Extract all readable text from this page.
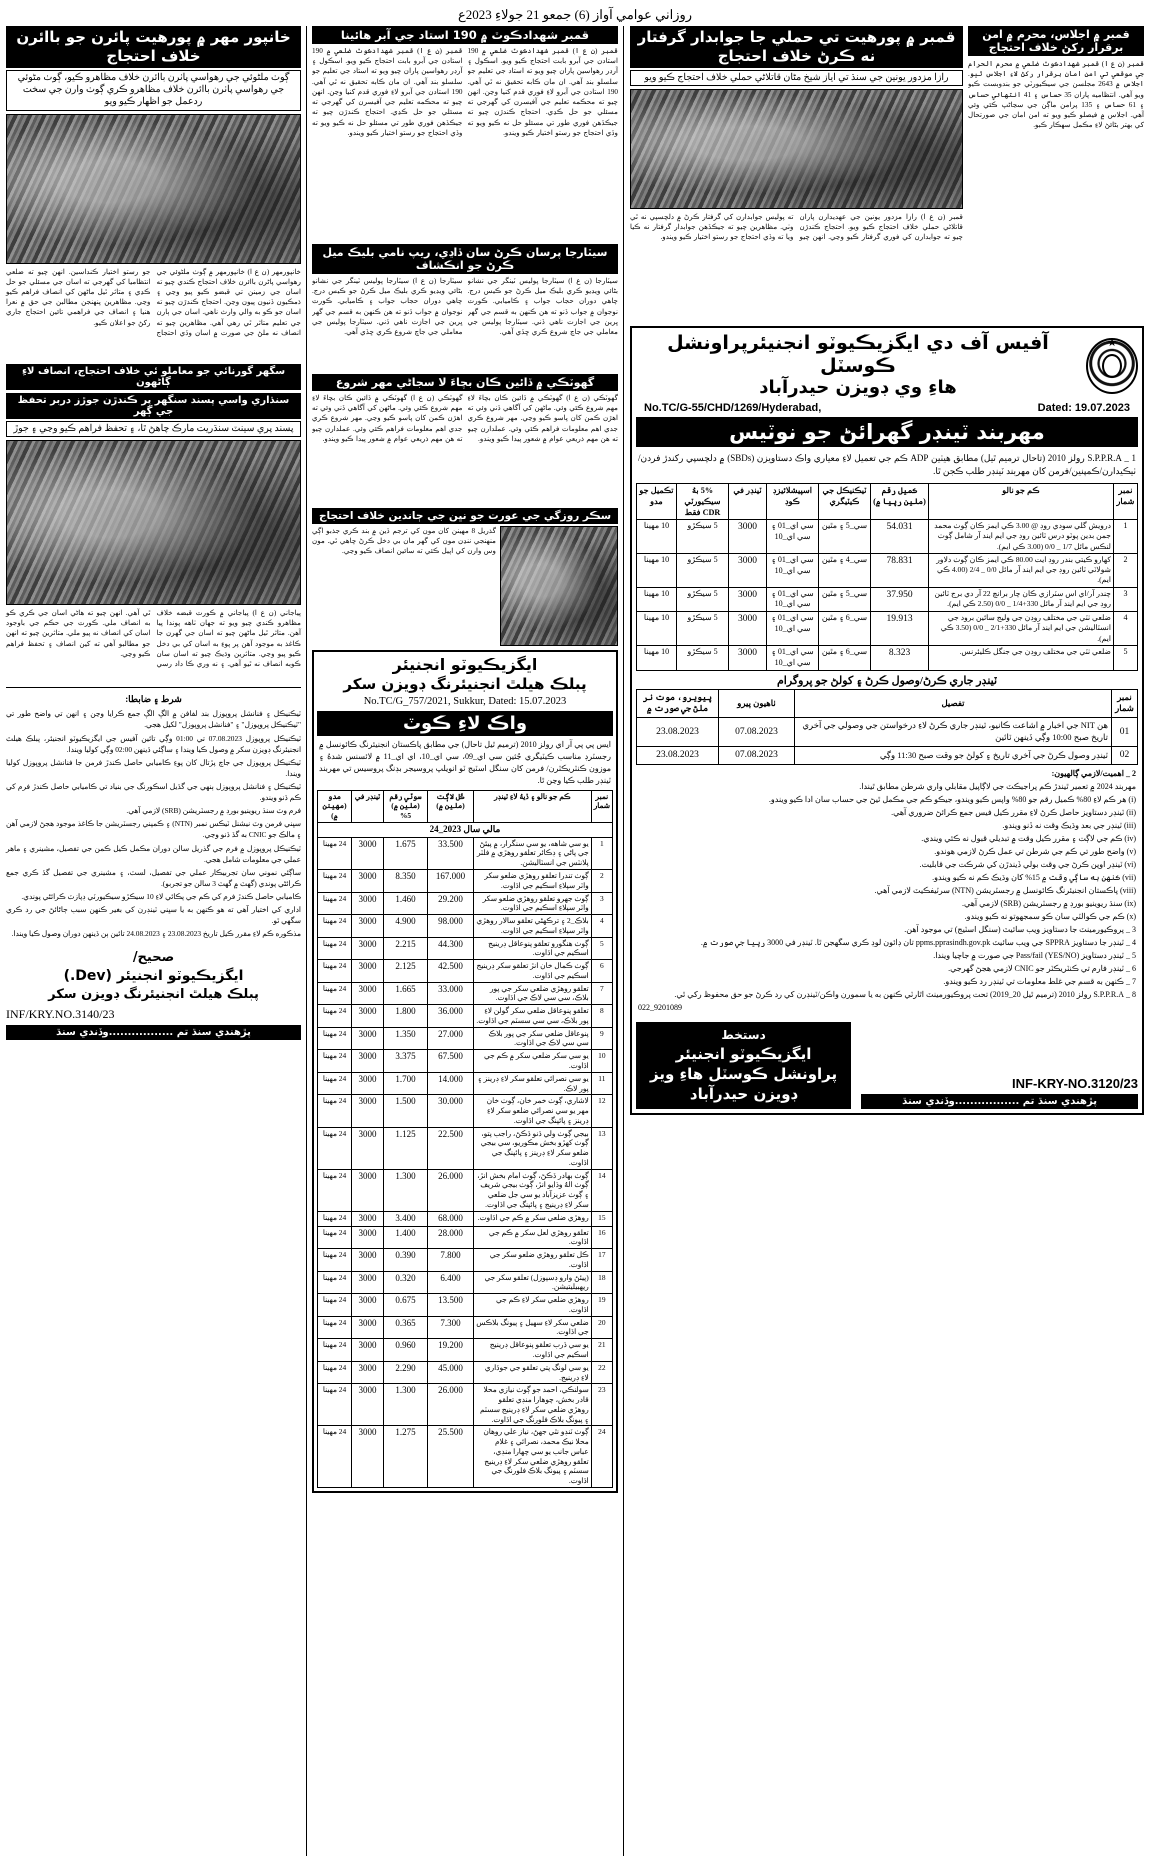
روزاني عوامي آواز (6) جمعو 21 جولاءِ 2023ع
خانپور مهر ۾ پورهيت پائرن جو باائرن خلاف احتجاج
ڳوٺ ملڻوئي جي رهواسي پاٺرن باائرن خلاف مظاهرو ڪيو، ڳوٺ مڻوئي جي رهواسي پاٺرن باائرن خلاف مظاهرو ڪري ڳوٺ وارن جي سخت ردعمل جو اظهار ڪيو ويو
خانپورمهر (ن ع ا) خانپورمهر ۾ ڳوٺ ملڻوئي جي رهواسي پاڻرن باائرن خلاف احتجاج ڪندي چيو ته اسان جي زمينن تي قبضو ڪيو پيو وڃي ۽ ڌمڪيون ڏنيون پيون وڃن. احتجاج ڪندڙن چيو ته اسان جو ڪو به والي وارث ناهي. اسان جي ٻارن جي تعليم متاثر ٿي رهي آهي. مظاهرين چيو ته انصاف نه ملڻ جي صورت ۾ اسان وڏي احتجاج جو رستو اختيار ڪنداسين. انهن چيو ته ضلعي انتظاميا کي گهرجي ته اسان جي مسئلي جو حل ڪڍي ۽ متاثر ٿيل ماڻهن کي انصاف فراهم ڪيو وڃي. مظاهرين پنهنجن مطالبن جي حق ۾ نعرا هنيا ۽ انصاف جي فراهمي تائين احتجاج جاري رکڻ جو اعلان ڪيو.
سگهر گورنائي جو معاملو ئي خلاف احتجاج، انصاف لاءِ ڳاڻهون
سنڌاري واسي پسند سنگهر پر ڪندڙن جوڙز دربر تحفظ جي ڳهر
پسند پري سينٽ سنڌريت مارڪ چاهڻ ٿا، ۽ تحفظ فراهم ڪيو وڃي ۽ جوڙ
پياجاني (ن ع ا) پياجاني ۾ ڪورٽ قبضه خلاف مظاهرو ڪندي چيو ويو ته جهان ٺاهه پوندا پيا آهن. متاثر ٿيل ماڻهن چيو ته اسان جي گهرن جا ڪاغذ به موجود آهن پر پوءِ به اسان کي بي دخل ڪيو پيو وڃي. متاثرين وڌيڪ چيو ته اسان سان ڪوبه انصاف نه ٿيو آهي. ۽ نه وري ڪا داد رسي ٿي آهي. انهن چيو ته هاڻي اسان جي ڪري ڪو به انصاف ملي. ڪورٽ جي حڪم جي باوجود اسان کي انصاف نه پيو ملي. متاثرين چيو ته انهن جو مطالبو آهي ته کين انصاف ۽ تحفظ فراهم ڪيو وڃي.
شرط ۽ ضابطا:

ٽيڪنيڪل ۽ فنانشل پروپوزل بند لفافن ۾ الڳ الڳ جمع ڪرايا وڃن ۽ انهن تي واضح طور تي "ٽيڪنيڪل پروپوزل" ۽ "فنانشل پروپوزل" لکيل هجي.

ٽيڪنيڪل پروپوزل 07.08.2023 تي 01:00 وڳي تائين آفيس جي ايگزيڪيوٽو انجنيئر، پبلڪ هيلٿ انجنيئرنگ ڊويزن سکر ۾ وصول ڪيا ويندا ۽ ساڳئي ڏينهن 02:00 وڳي کوليا ويندا.

ٽيڪنيڪل پروپوزل جي جاچ پڙتال کان پوءِ ڪاميابي حاصل ڪندڙ فرمن جا فنانشل پروپوزل کوليا ويندا.

ٽيڪنيڪل ۽ فنانشل پروپوزل ٻنهي جي گڏيل اسڪورنگ جي بنياد تي ڪاميابي حاصل ڪندڙ فرم کي ڪم ڏنو ويندو.

فرم وٽ سنڌ ريوينيو بورڊ ۾ رجسٽريشن (SRB) لازمي آهي.

سڀني فرمن وٽ نيشنل ٽيڪس نمبر (NTN) ۽ ڪمپني رجسٽريشن جا ڪاغذ موجود هجڻ لازمي آهن ۽ مالڪ جو CNIC به گڏ ڏنو وڃي.

ٽيڪنيڪل پروپوزل ۾ فرم جي گذريل سالن دوران مڪمل ڪيل ڪمن جي تفصيل، مشينري ۽ ماهر عملي جي معلومات شامل هجي.

ساڳئي نموني سان تجربيڪار عملي جي تفصيل، لسٽ، ۽ مشينري جي تفصيل گڏ ڪري جمع ڪرائڻي پوندي (گهٽ ۾ گهٽ 3 سالن جو تجربو).

ڪاميابي حاصل ڪندڙ فرم کي ڪم جي پڪائي لاءِ 10 سيڪڙو سيڪيورٽي ڊپازٽ ڪرائڻي پوندي.

اداري کي اختيار آهي ته هو ڪنهن به يا سڀني ٽينڊرن کي بغير ڪنهن سبب ڄاڻائڻ جي رد ڪري سگهي ٿو.

مذڪوره ڪم لاءِ مقرر ڪيل تاريخ 23.08.2023 ۽ 24.08.2023 تائين ٻن ڏينهن دوران وصول ڪيا ويندا.

صحيح/
ايگزيڪيوٽو انجنيئر (Dev.)
پبلڪ هيلٿ انجنيئرنگ ڊويزن سکر
INF/KRY.NO.3140/23
پڙهندي سنڌ تم .................وڏندي سنڌ
قمبر شهدادڪوٽ ۾ 190 استاد جي آبر ھائينا
قمبر (ن ع ا) قمبر شهدادڪوٽ ضلعي ۾ 190 استادن جي آبرو بابت احتجاج ڪيو ويو. اسڪول ۽ آرڊر رهواسين پاران چيو ويو ته استاد جي تعليم جو سلسلو بند آهي. ان مان ڪابه تحقيق نه ٿي آهي. 190 استادن جي آبرو لاءِ فوري قدم کنيا وڃن. انهن چيو ته محڪمه تعليم جي آفيسرن کي گهرجي ته مسئلي جو حل ڪڍي. احتجاج ڪندڙن چيو ته جيڪڏهن فوري طور تي مسئلو حل نه ڪيو ويو ته وڏي احتجاج جو رستو اختيار ڪيو ويندو.
قمبر (ن ع ا) قمبر شهدادڪوٽ ضلعي ۾ 190 استادن جي آبرو بابت احتجاج ڪيو ويو. اسڪول ۽ آرڊر رهواسين پاران چيو ويو ته استاد جي تعليم جو سلسلو بند آهي. ان مان ڪابه تحقيق نه ٿي آهي. 190 استادن جي آبرو لاءِ فوري قدم کنيا وڃن. انهن چيو ته محڪمه تعليم جي آفيسرن کي گهرجي ته مسئلي جو حل ڪڍي. احتجاج ڪندڙن چيو ته جيڪڏهن فوري طور تي مسئلو حل نه ڪيو ويو ته وڏي احتجاج جو رستو اختيار ڪيو ويندو.
سيٽارجا پرسان ڪرڻ سان ڏاڍي، ريپ نامي بليڪ ميل ڪرڻ جو انڪشاف
سيٽارجا (ن ع ا) سيٽارجا پوليس ٽينگر جي نشانو بڻائي ويڊيو ڪري بليڪ ميل ڪرڻ جو ڪيس درج. چاهي دوران حجاب جواب ۽ ڪاميابي. ڪورٽ نوجوان ۾ جواب ڏنو ته هن ڪنهن به قسم جي گهر ڀرين جي اجازت ناهي ڏني. سيٽارجا پوليس جي معاملي جي جاچ شروع ڪري ڇڏي آهي.
سيٽارجا (ن ع ا) سيٽارجا پوليس ٽينگر جي نشانو بڻائي ويڊيو ڪري بليڪ ميل ڪرڻ جو ڪيس درج. چاهي دوران حجاب جواب ۽ ڪاميابي. ڪورٽ نوجوان ۾ جواب ڏنو ته هن ڪنهن به قسم جي گهر ڀرين جي اجازت ناهي ڏني. سيٽارجا پوليس جي معاملي جي جاچ شروع ڪري ڇڏي آهي.
گهوٽڪي ۾ ڏائين ڪان بچاءَ لا سجاڻي مهر شروع
گهوٽڪي (ن ع ا) گهوٽڪي ۾ ڏائين ڪان بچاءَ لاءِ مهم شروع ڪئي وئي. ماڻهن کي آگاهي ڏني وئي ته اهڙن ڪمن کان پاسو ڪيو وڃي. مهر شروع ڪري جدي اهم معلومات فراهم ڪئي وئي. عملدارن چيو ته هن مهم ذريعي عوام ۾ شعور پيدا ڪيو ويندو.
گهوٽڪي (ن ع ا) گهوٽڪي ۾ ڏائين ڪان بچاءَ لاءِ مهم شروع ڪئي وئي. ماڻهن کي آگاهي ڏني وئي ته اهڙن ڪمن کان پاسو ڪيو وڃي. مهر شروع ڪري جدي اهم معلومات فراهم ڪئي وئي. عملدارن چيو ته هن مهم ذريعي عوام ۾ شعور پيدا ڪيو ويندو.
سڪر روزگي جي عورت جو نڀن جي ڄاندين خلاف احتجاج
گذريل 8 مهينن کان مون کي ترجم ڏين ۾ بند ڪري جذبو اڳي منهنجي ننڍن مون کي گهر مان بي دخل ڪرڻ چاهي ٿي. مون وس وارن کي اپيل ڪئي ته سائين انصاف ڪيو وڃي.
ايگزيڪيوٽو انجنيئر
پبلڪ هيلٿ انجنيئرنگ ڊويزن سکر
No.TC/G_757/2021, Sukkur, Dated: 15.07.2023
واڪ لاءِ ڪوٽ
ايس پي پي آر اي رولز 2010 (ترميم ٿيل تاحال) جي مطابق پاڪستان انجنيئرنگ ڪائونسل ۾ رجسٽرڊ مناسب ڪيٽيگري جُثين سي اي_09، سي اي_10، اي اي_11 ۾ لائسنس شدهُ ۽ موزون ڪنٽريڪٽرن/ فرمن کان سنگل اسٽيج ٽو انويلپ پروسيجر بڊنگ پروسيس تي مهربند ٽينڊر طلب ڪيا وڃن ٿا.
نمبر شمار	ڪم جو نالو ۽ ڏيهُ لاءِ ٽينڊر	ڪُل لاڳت (ملين ۾)	سوٽي رقم (ملين ۾) 5%	ٽينڊر في	مدو (مهينن ۾)
مالي سال 2023_24					
1	يو سي شاهه، يو سي سنگرار، ۾ پيئڻ جي پاڻي ۽ ڊڪائر تعلقو روهڙي ۾ فلٽر پلانٽس جي انسٽاليشن.	33.500	1.675	3000	24 مهينا
2	ڳوٺ تندرا تعلقو روهڙي ضلعو سکر واٽر سپلاءِ اسڪيم جي اڏاوت.	167.000	8.350	3000	24 مهينا
3	ڳوٺ جهرو تعلقو روهڙي ضلعو سکر واٽر سپلاءِ اسڪيم جي اڏاوت.	29.200	1.460	3000	24 مهينا
4	بلاڪ_2 ۽ ترڪهڻي تعلقو سالار روهڙي واٽر سپلاءِ اسڪيم جي اڏاوت.	98.000	4.900	3000	24 مهينا
5	ڳوٺ هنگورو تعلقو پنوعاقل ڊرينيج اسڪيم جي اڏاوت.	44.300	2.215	3000	24 مهينا
6	ڳوٺ ڪمال خان انڙ تعلقو سکر ڊرينيج اسڪيم جي اڏاوت.	42.500	2.125	3000	24 مهينا
7	تعلقو روهڙي ضلعي سکر جي پور بلاڪ، سي سي لاڪ جي اڏاوت.	33.000	1.665	3000	24 مهينا
8	تعلقو پنوعاقل ضلعي سکر گولن لاءِ پور بلاڪ، سي سي سسٽم جي اڏاوت.	36.000	1.800	3000	24 مهينا
9	پنوعاقل ضلعي سکر جي پور بلاڪ سي سي لاڪ جي اڏاوت.	27.000	1.350	3000	24 مهينا
10	يو سي سکر ضلعي سکر ۾ ڪم جي اڏاوت.	67.500	3.375	3000	24 مهينا
11	يو سي نصرائي تعلقو سکر لاءِ ڊرينز ۽ پور لاڪ.	14.000	1.700	3000	24 مهينا
12	لاشاري، ڳوٺ خمر خان، ڳوٺ خان مهر يو سي نصرائي ضلعو سکر لاءِ ڊرينز ۽ پائپنگ جي اڏاوت.	30.000	1.500	3000	24 مهينا
13	بيجي ڳوٺ ولي ڏنو ڏڪڻ، راجب پتو، ڳوٺ کهڙو بخش مڪوريو، سي بيجي ضلعو سکر لاءِ ڊرينز ۽ پائپنگ جي اڏاوت.	22.500	1.125	3000	24 مهينا
14	ڳوٺ بهادر ڏڪڻ، ڳوٺ امام بخش انڙ، ڳوٺ الهُ وڌايو انڙ، ڳوٺ بيجي شريف ۽ ڳوٺ عزيزآباد يو سي جل ضلعي سکر لاءِ ڊرينيج ۽ پائپنگ جي اڏاوت.	26.000	1.300	3000	24 مهينا
15	روهڙي ضلعي سکر ۾ ڪم جي اڏاوت.	68.000	3.400	3000	24 مهينا
16	تعلقو روهڙي لعل سکر ۾ ڪم جي اڏاوت.	28.000	1.400	3000	24 مهينا
17	ڪل تعلقو روهڙي ضلعو سکر جي اڏاوت.	7.800	0.390	3000	24 مهينا
18	(پيئڻ وارو ڊسپوزل) تعلقو سکر جي ريهبيليتيشن.	6.400	0.320	3000	24 مهينا
19	روهڙي ضلعي سکر لاءِ ڪم جي اڏاوت.	13.500	0.675	3000	24 مهينا
20	ضلعي سکر لاءِ سهيل ۽ پيونگ بلاڪس جي اڏاوت.	7.300	0.365	3000	24 مهينا
21	يو سي ڏرب تعلقو پنوعاقل ڊرينيج اسڪيم جي اڏاوت.	19.200	0.960	3000	24 مهينا
22	يو سي لونگ پتي تعلقو جي جوڏاري لاءِ ڊرينيج.	45.000	2.290	3000	24 مهينا
23	سولنڪي، احمد جو ڳوٺ نيازي محلا قادر بخش، چوهارا منڊي تعلقو روهڙي ضلعي سکر لاءِ ڊرينيج سسٽم ۽ پيونگ بلاڪ فلورنگ جي اڏاوت.	26.000	1.300	3000	24 مهينا
24	ڳوٺ ٽنڊو نٿي جهڻ، نياز علي روهان محلا نيڪ محمد، نصرائي ۽ غلام عباس جانب يو سي چهارا منڊي، تعلقو روهڙي ضلعي سکر لاءِ ڊرينيج سسٽم ۽ پيونگ بلاڪ فلورنگ جي اڏاوت.	25.500	1.275	3000	24 مهينا
قمبر ۾ پورهيت تي حملي جا جوابدار گرفتار نه ڪرڻ خلاف احتجاج
رازا مزدور يونين جي سنڌ تي اياز شيخ مڻان قاتلاڻي حملي خلاف احتجاج ڪيو ويو
قمبر (ن ع ا) رازا مزدور يونين جي عهديدارن پاران قاتلاڻي حملي خلاف احتجاج ڪيو ويو. احتجاج ڪندڙن چيو ته جوابدارن کي فوري گرفتار ڪيو وڃي. انهن چيو ته پوليس جوابدارن کي گرفتار ڪرڻ ۾ دلچسپي نه ٿي وٺي. مظاهرين چيو ته جيڪڏهن جوابدار گرفتار نه ڪيا ويا ته وڏي احتجاج جو رستو اختيار ڪيو ويندو.
قمبر ۾ اجلاس، محرم ۾ امن برقرار رکڻ خلاف احتجاج
قمبر (ن ع ا) قمبر شهدادڪوٽ ضلعي ۾ محرم الحرام جي موقعي تي امن امان برقرار رکڻ لاءِ اجلاس ٿيو. اجلاس ۾ 2643 مجلسن جي سيڪيورٽي جو بندوبست ڪيو ويو آهي. انتظاميه پاران 35 حساس ۽ 41 انتهائي حساس ۽ 61 حساس ۽ 135 پرامن ماڳن جي سڃاڻپ ڪئي وئي آهي. اجلاس ۾ فيصلو ڪيو ويو ته امن امان جي صورتحال کي بهتر بڻائڻ لاءِ مڪمل سهڪار ڪبو.
آفيس آف دي ايگزيڪيوٽو انجنيئرپراونشل ڪوسٽل
هاءِ وي ڊويزن حيدرآباد
★
No.TC/G-55/CHD/1269/Hyderabad,	Dated: 19.07.2023
مهربند ٽينڊر گهرائڻ جو نوٽيس
1 _ S.P.P.R.A رولز 2010 (تاحال ترميم ٿيل) مطابق هيٺين ADP ڪم جي تعميل لاءِ معياري واڪ دستاويزن (SBDs) ۾ دلچسپي رکندڙ فردن/ٺيڪيدارن/ڪمپنين/فرمن کان مهربند ٽينڊر طلب ڪجن ٿا.
نمبر شمار	ڪم جو نالو	ڪميل رقم (ملين رپيا ۾)	ٽيڪنيڪل جي ڪيٽيگري	اسپيشلائيزڊ ڪوڊ	ٽينڊر في	5% بهُ سيڪيورٽي CDR فقط	تڪميل جو مدو
1	درويش گلي سودي روڊ @ 3.00 ڪي ايمز ڪان ڳوٺ محمد جمن بدين پوٽو درس ٽائين روڊ جي ايم ايند آر شامل ڳوٺ لنڪس مائل 1/7 _ 0/0 (3.00 ڪي ايم).	54.031	سي_5 ۽ مٿين	سي اي_01 ۽ سي اي_10	3000	5 سيڪڙو	10 مهينا
2	کهارو ڪيتي بندر روڊ ايت 80.00 ڪي ايمز ڪان ڳوٺ دلاور شولاٽي ٽائين روڊ جي ايم ايند آر مائل 0/0 _ 2/4 (4.00 ڪي ايم).	78.831	سي_4 ۽ مٿين	سي اي_01 ۽ سي اي_10	3000	5 سيڪڙو	10 مهينا
3	چندر آر/اي اس سٽرازي ڪان چار برانچ 22 آر دي برج ٽائين روڊ جي ايم ايند آر مائل 330+1/4 _ 0/0 (2.50 ڪي ايم).	37.950	سي_5 ۽ مٿين	سي اي_01 ۽ سي اي_10	3000	5 سيڪڙو	10 مهينا
4	ضلعي ٺٽي جي مختلف روڊن جي وليج سائين برود جي انسٽاليشن جي ايم ايند آر مائل 330+2/1 _ 0/0 (3.50 ڪي ايم).	19.913	سي_6 ۽ مٿين	سي اي_01 ۽ سي اي_10	3000	5 سيڪڙو	10 مهينا
5	ضلعي ٺٽي جي مختلف روڊن جي جنگل ڪليئرنس.	8.323	سي_6 ۽ مٿين	سي اي_01 ۽ سي اي_10	3000	5 سيڪڙو	10 مهينا
ٽينڊر جاري ڪرڻ/وصول ڪرڻ ۽ کولڻ جو پروگرام
نمبر شمار	تفصيل	ٺاهيون پيرو	پيويرو، موت نر ملڻ جي صورت ۾
01	هن NIT جي اخبار ۾ اشاعت ڪانيو، ٽينڊر جاري ڪرڻ لاءِ درخواستن جي وصولي جي آخري تاريخ صبح 10:00 وڳي ڏينهن ٽائين	07.08.2023	23.08.2023
02	ٽينڊر وصول ڪرڻ جي آخري تاريخ ۽ کولڻ جو وقت صبح 11:30 وڳي	07.08.2023	23.08.2023
2 _ اهميت/لازمي ڳالهيون:
مهربند 2024 ۾ تعمير ٿيندڙ ڪم پراجيڪٽ جي لاڳاپيل مقابلي واري شرطن مطابق ٿيندا.
(i) هر ڪم لاءِ 80% ڪميل رقم جو 80% واپس ڪيو ويندو، جيڪو ڪم جي مڪمل ٿيڻ جي حساب سان ادا ڪيو ويندو.
(ii) ٽينڊر دستاويز حاصل ڪرڻ لاءِ مقرر ڪيل فيس جمع ڪرائڻ ضروري آهي.
(iii) ٽينڊر جي بعد وڌيڪ وقت نه ڏنو ويندو.
(iv) ڪم جي لاڳت ۽ مقرر ڪيل وقت ۾ تبديلي قبول نه ڪئي ويندي.
(v) واضح طور تي ڪم جي شرطن تي عمل ڪرڻ لازمي هوندو.
(vi) ٽينڊر اوپن ڪرڻ جي وقت بولي ڏيندڙن کي شرڪت جي قابليت.
(vii) ڪنهن به ساڳي وقت ۾ 15% کان وڌيڪ ڪم نه ڪيو ويندو.
(viii) پاڪستان انجنيئرنگ ڪائونسل ۾ رجسٽريشن (NTN) سرٽيفڪيٽ لازمي آهي.
(ix) سنڌ ريوينيو بورڊ ۾ رجسٽريشن (SRB) لازمي آهي.
(x) ڪم جي ڪوالٽي سان ڪو سمجهوتو نه ڪيو ويندو.
3 _ پروڪيورمينٽ جا دستاويز ويب سائيٽ (سنگل اسٽيج) تي موجود آهن.
4 _ ٽينڊر جا دستاويز SPPRA جي ويب سائيٽ ppms.pprasindh.gov.pk تان ڊائون لوڊ ڪري سگهجن ٿا. ٽينڊر في 3000 رپيا جي صورت ۾.
5 _ ٽينڊر دستاويز Pass/fail (YES/NO) جي صورت ۾ جاچيا ويندا.
6 _ ٽينڊر فارم تي ڪنٽريڪٽر جو CNIC لازمي هجڻ گهرجي.
7 _ ڪنهن به قسم جي غلط معلومات تي ٽينڊر رد ڪيو ويندو.
8 _ S.P.P.R.A رولز 2010 (ترميم ٿيل 20_2019) تحت پروڪيورمينٽ اٿارٽي ڪنهن به يا سمورن واڪن/ٽينڊرن کي رد ڪرڻ جو حق محفوظ رکي ٿي.
022_9201089
دستخط
ايگزيڪيوٽو انجنيئر
پراونشل ڪوسٽل هاءِ ويز
ڊويزن حيدرآباد
INF-KRY-NO.3120/23
پڙهندي سنڌ تم .................وڏندي سنڌ
